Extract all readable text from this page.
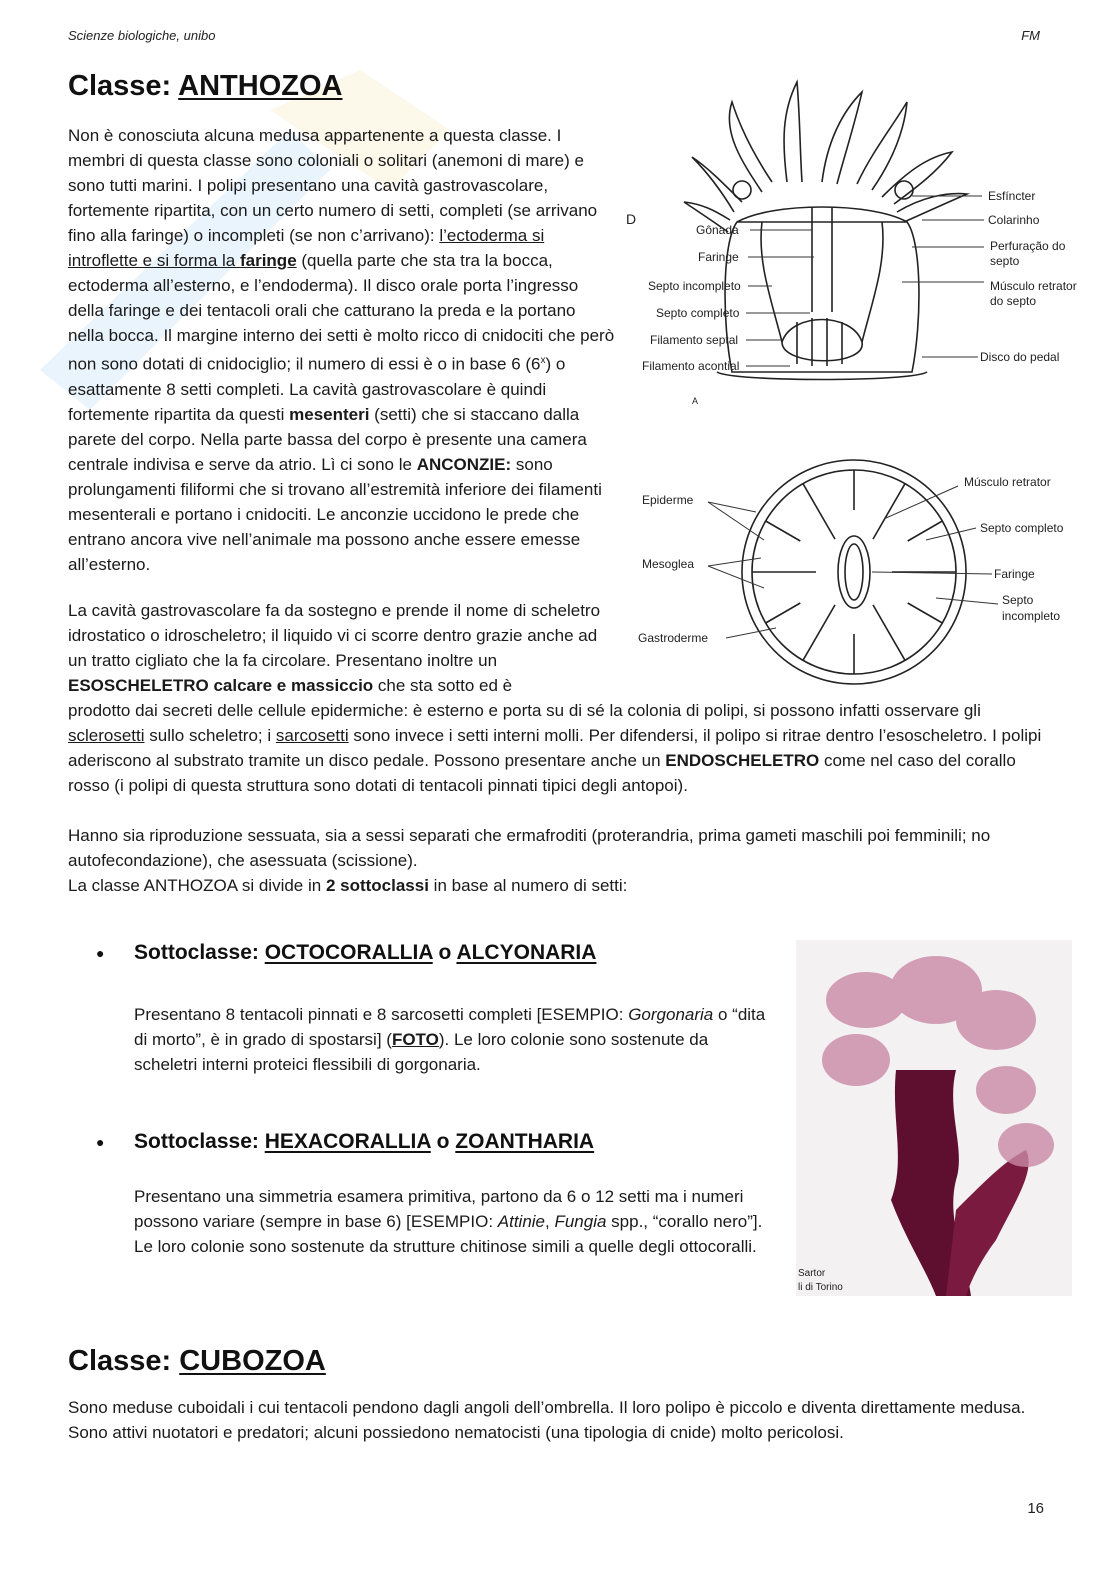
Scienze biologiche, unibo	FM
Classe: ANTHOZOA
Non è conosciuta alcuna medusa appartenente a questa classe. I membri di questa classe sono coloniali o solitari (anemoni di mare) e sono tutti marini. I polipi presentano una cavità gastrovascolare, fortemente ripartita, con un certo numero di setti, completi (se arrivano fino alla faringe) o incompleti (se non c’arrivano): l’ectoderma si introflette e si forma la faringe (quella parte che sta tra la bocca, ectoderma all’esterno, e l’endoderma). Il disco orale porta l’ingresso della faringe e dei tentacoli orali che catturano la preda e la portano nella bocca. Il margine interno dei setti è molto ricco di cnidociti che però non sono dotati di cnidociglio; il numero di essi è o in base 6 (6$^x$) o esattamente 8 setti completi. La cavità gastrovascolare è quindi fortemente ripartita da questi mesenteri (setti) che si staccano dalla parete del corpo. Nella parte bassa del corpo è presente una camera centrale indivisa e serve da atrio. Lì ci sono le ANCONZIE: sono prolungamenti filiformi che si trovano all’estremità inferiore dei filamenti mesenterali e portano i cnidociti. Le anconzie uccidono le prede che entrano ancora vive nell’animale ma possono anche essere emesse all’esterno.
La cavità gastrovascolare fa da sostegno e prende il nome di scheletro idrostatico o idroscheletro; il liquido vi ci scorre dentro grazie anche ad un tratto cigliato che la fa circolare. Presentano inoltre un ESOSCHELETRO calcare e massiccio che sta sotto ed è
prodotto dai secreti delle cellule epidermiche: è esterno e porta su di sé la colonia di polipi, si possono infatti osservare gli sclerosetti sullo scheletro; i sarcosetti sono invece i setti interni molli. Per difendersi, il polipo si ritrae dentro l’esoscheletro. I polipi aderiscono al substrato tramite un disco pedale. Possono presentare anche un ENDOSCHELETRO come nel caso del corallo rosso (i polipi di questa struttura sono dotati di tentacoli pinnati tipici degli antopoi).
Hanno sia riproduzione sessuata, sia a sessi separati che ermafroditi (proterandria, prima gameti maschili poi femminili; no autofecondazione), che asessuata (scissione).
La classe ANTHOZOA si divide in 2 sottoclassi in base al numero di setti:
Gônada
Faringe
Septo incompleto
Septo completo
Filamento septal
Filamento acontial
Esfíncter
Colarinho
Perfuração do
septo
Músculo retrator
do septo
Disco do pedal
A
D
Epiderme
Mesoglea
Gastroderme
Músculo retrator
Septo completo
Faringe
Septo
incompleto
● Sottoclasse: OCTOCORALLIA o ALCYONARIA
Presentano 8 tentacoli pinnati e 8 sarcosetti completi [ESEMPIO: Gorgonaria o “dita di morto”, è in grado di spostarsi] (FOTO). Le loro colonie sono sostenute da scheletri interni proteici flessibili di gorgonaria.
Sartor
li di Torino
● Sottoclasse: HEXACORALLIA o ZOANTHARIA
Presentano una simmetria esamera primitiva, partono da 6 o 12 setti ma i numeri possono variare (sempre in base 6) [ESEMPIO: Attinie, Fungia spp., “corallo nero”]. Le loro colonie sono sostenute da strutture chitinose simili a quelle degli ottocoralli.
Classe: CUBOZOA
Sono meduse cuboidali i cui tentacoli pendono dagli angoli dell’ombrella. Il loro polipo è piccolo e diventa direttamente medusa. Sono attivi nuotatori e predatori; alcuni possiedono nematocisti (una tipologia di cnide) molto pericolosi.
16
